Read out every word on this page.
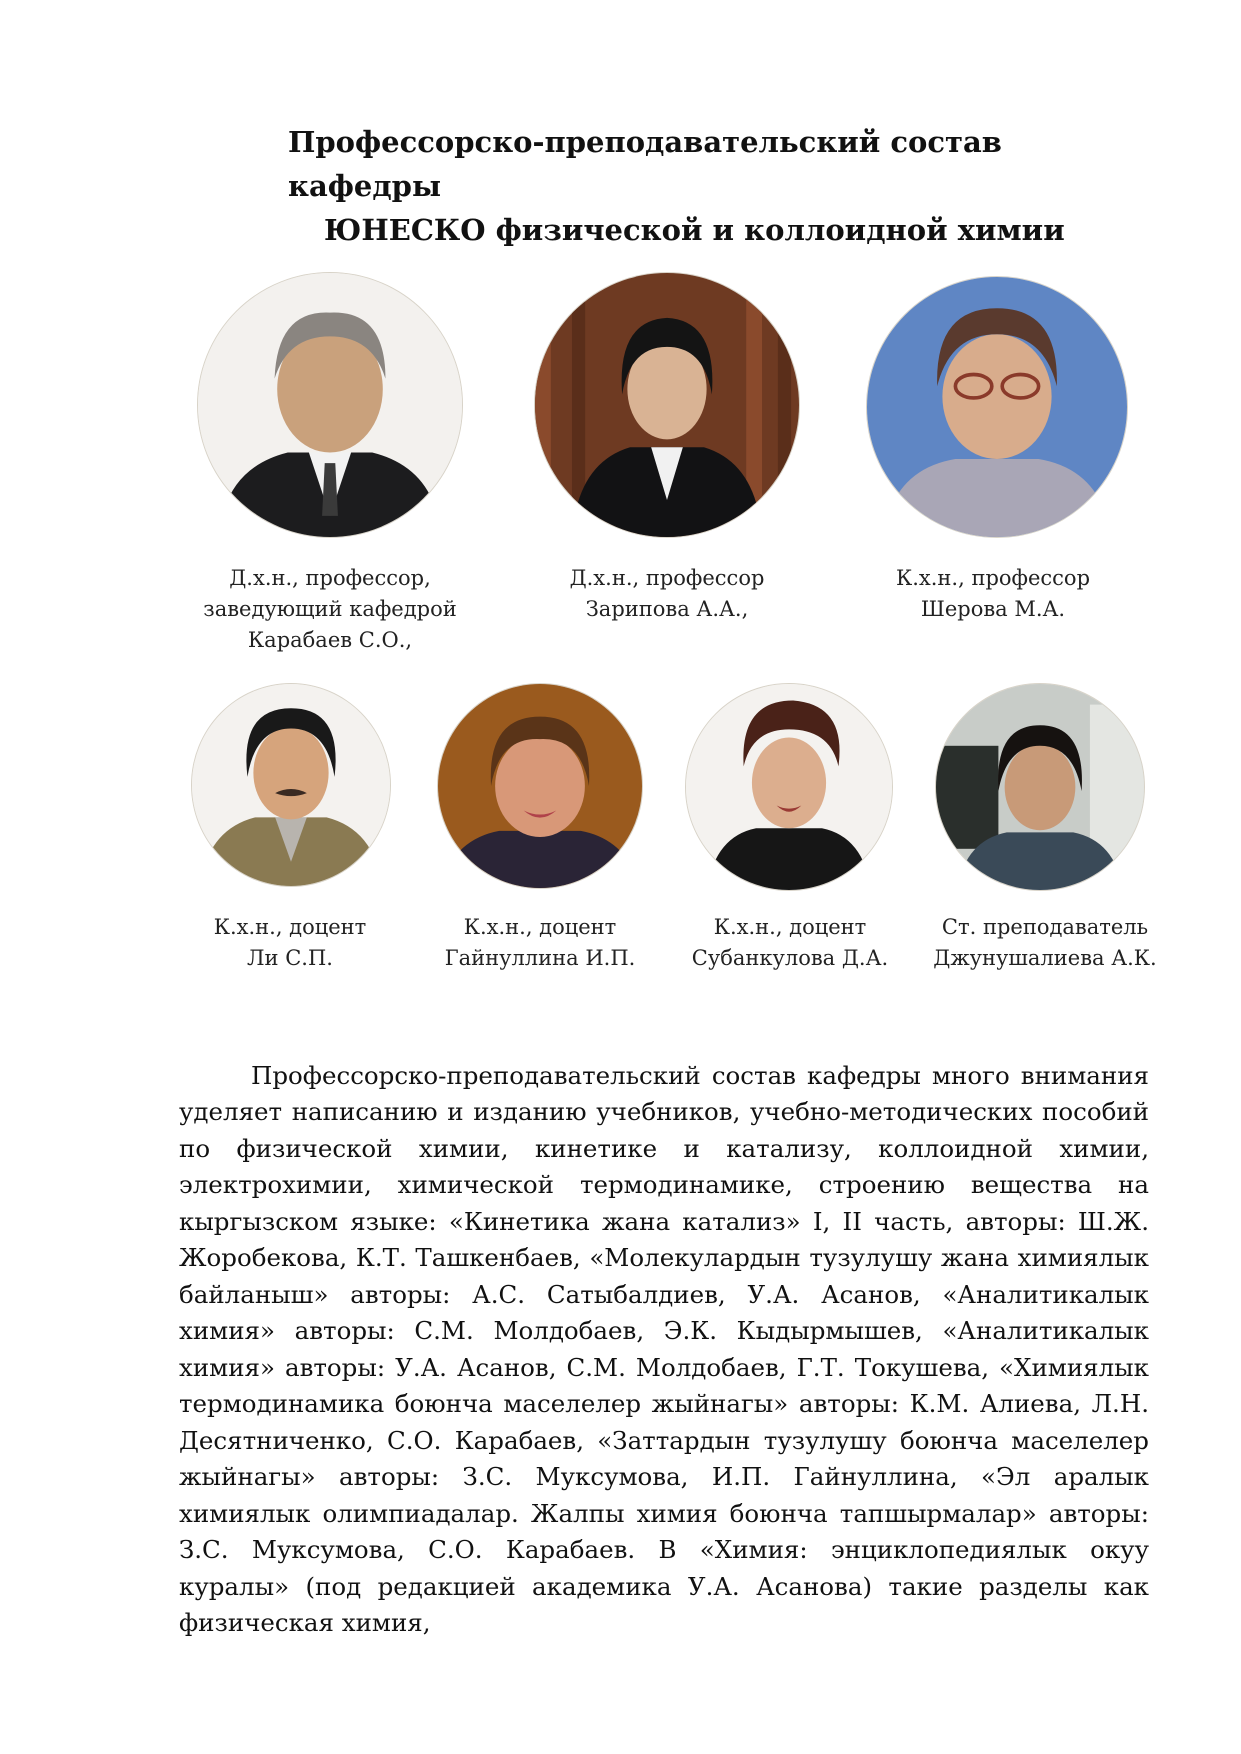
Профессорско-преподавательский состав кафедры
ЮНЕСКО физической и коллоидной химии
Д.х.н., профессор,
заведующий кафедрой
Карабаев С.О.,
Д.х.н., профессор
Зарипова А.А.,
К.х.н., профессор
Шерова М.А.
К.х.н., доцент
Ли С.П.
К.х.н., доцент
Гайнуллина И.П.
К.х.н., доцент
Субанкулова Д.А.
Ст. преподаватель
Джунушалиева А.К.

Профессорско-преподавательский состав кафедры много внимания уделяет написанию и изданию учебников, учебно-методических пособий по физической химии, кинетике и катализу, коллоидной химии, электрохимии, химической термодинамике, строению вещества на кыргызском языке: «Кинетика жана катализ» I, II часть, авторы: Ш.Ж. Жоробекова, К.Т. Ташкенбаев, «Молекулардын тузулушу жана химиялык байланыш» авторы: А.С. Сатыбалдиев, У.А. Асанов, «Аналитикалык химия» авторы: С.М. Молдобаев, Э.К. Кыдырмышев, «Аналитикалык химия» авторы: У.А. Асанов, С.М. Молдобаев, Г.Т. Токушева, «Химиялык термодинамика боюнча маселелер жыйнагы» авторы: К.М. Алиева, Л.Н. Десятниченко, С.О. Карабаев, «Заттардын тузулушу боюнча маселелер жыйнагы» авторы: З.С. Муксумова, И.П. Гайнуллина, «Эл аралык химиялык олимпиадалар. Жалпы химия боюнча тапшырмалар» авторы: З.С. Муксумова, С.О. Карабаев. В «Химия: энциклопедиялык окуу куралы» (под редакцией академика У.А. Асанова) такие разделы как физическая химия,
